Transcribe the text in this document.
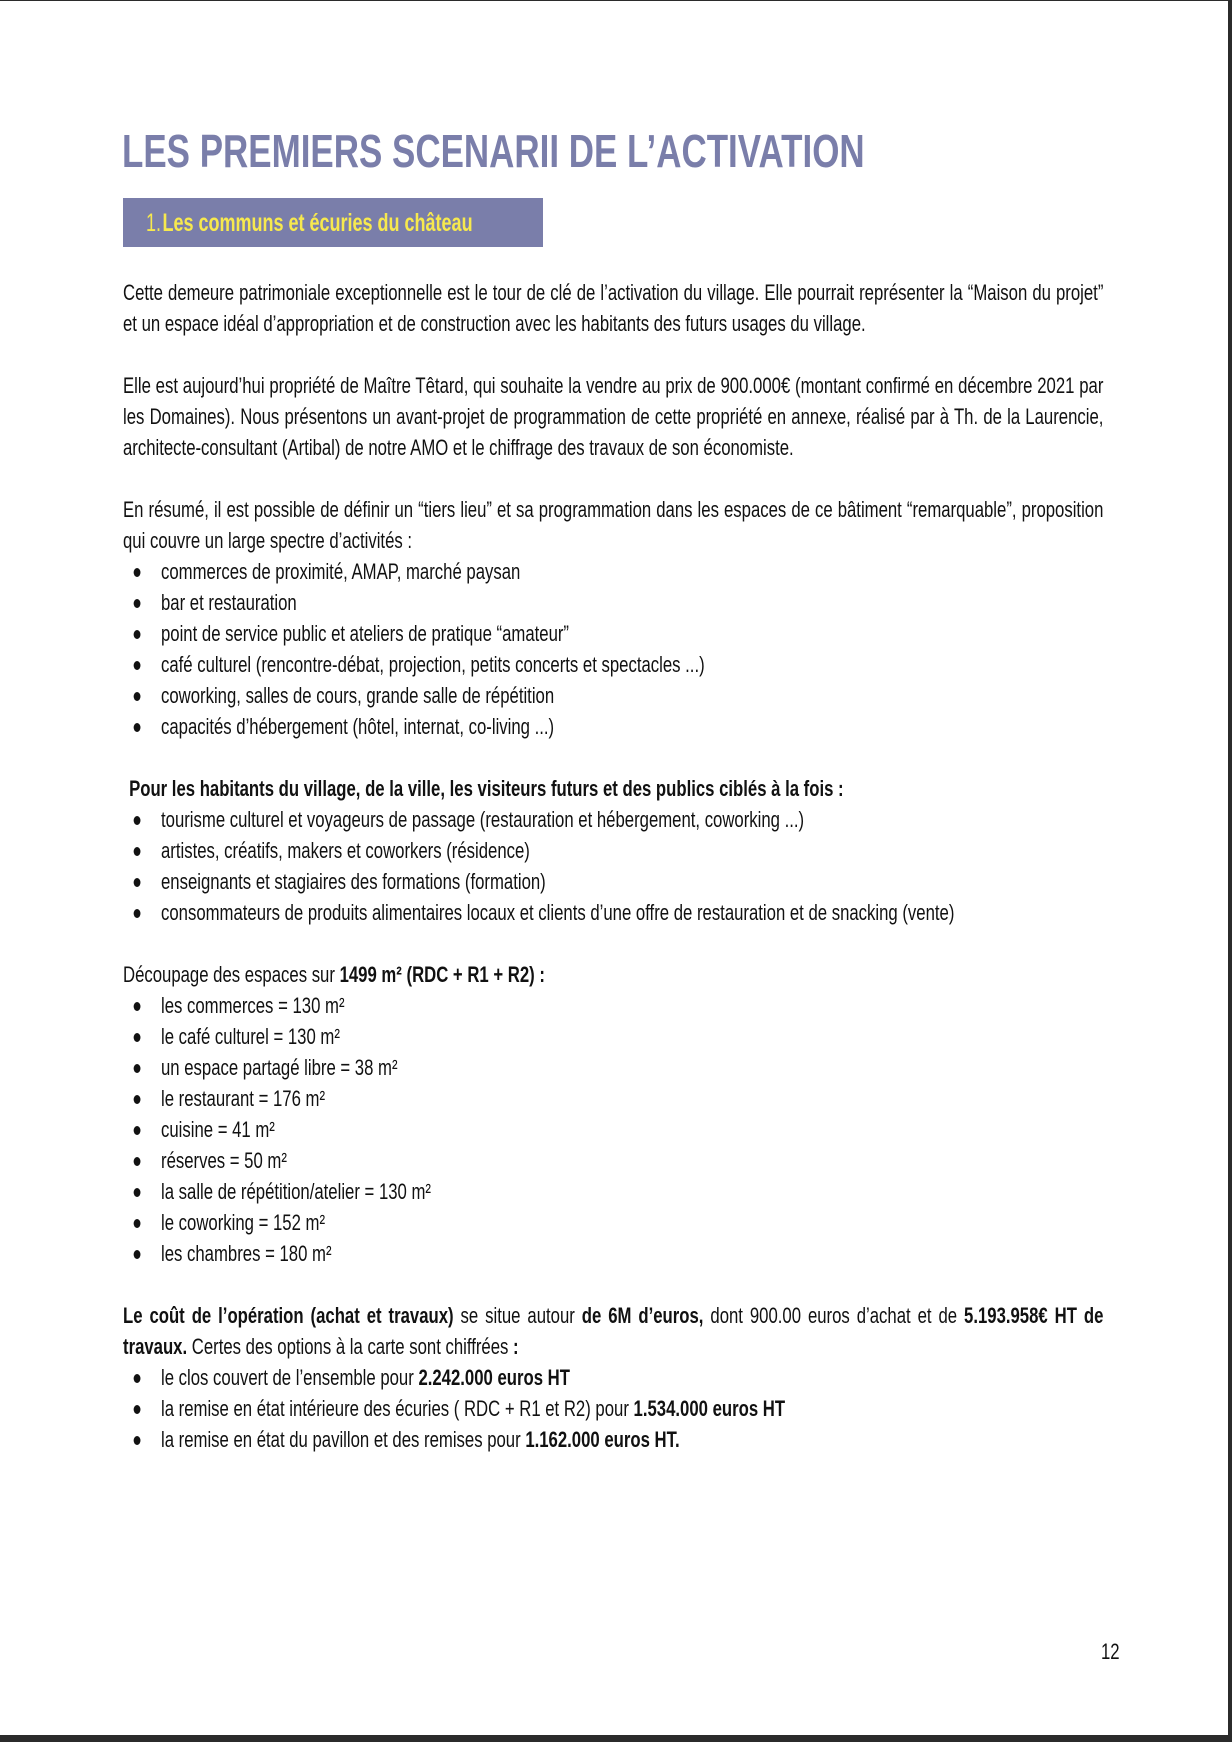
LES PREMIERS SCENARII DE L’ACTIVATION
1.Les communs et écuries du château

Cette demeure patrimoniale exceptionnelle est le tour de clé de l’activation du village. Elle pourrait représenter la “Maison du projet” et un espace idéal d’appropriation et de construction avec les habitants des futurs usages du village.

Elle est aujourd’hui propriété de Maître Têtard, qui souhaite la vendre au prix de 900.000€ (montant confirmé en décembre 2021 par les Domaines). Nous présentons un avant-projet de programmation de cette propriété en annexe, réalisé par à Th. de la Laurencie, architecte-consultant (Artibal) de notre AMO et le chiffrage des travaux de son économiste.

En résumé, il est possible de définir un “tiers lieu” et sa programmation dans les espaces de ce bâtiment “remarquable”, proposition qui couvre un large spectre d’activités :

commerces de proximité, AMAP, marché paysan
bar et restauration
point de service public et ateliers de pratique “amateur”
café culturel (rencontre-débat, projection, petits concerts et spectacles ...)
coworking, salles de cours, grande salle de répétition
capacités d’hébergement (hôtel, internat, co-living ...)

Pour les habitants du village, de la ville, les visiteurs futurs et des publics ciblés à la fois :

tourisme culturel et voyageurs de passage (restauration et hébergement, coworking ...)
artistes, créatifs, makers et coworkers (résidence)
enseignants et stagiaires des formations (formation)
consommateurs de produits alimentaires locaux et clients d’une offre de restauration et de snacking (vente)

Découpage des espaces sur 1499 m² (RDC + R1 + R2) :

les commerces = 130 m²
le café culturel = 130 m²
un espace partagé libre = 38 m²
le restaurant = 176 m²
cuisine = 41 m²
réserves = 50 m²
la salle de répétition/atelier = 130 m²
le coworking = 152 m²
les chambres = 180 m²

Le coût de l’opération (achat et travaux) se situe autour de 6M d’euros, dont 900.00 euros d’achat et de 5.193.958€ HT de travaux. Certes des options à la carte sont chiffrées :

le clos couvert de l’ensemble pour 2.242.000 euros HT
la remise en état intérieure des écuries ( RDC + R1 et R2) pour 1.534.000 euros HT
la remise en état du pavillon et des remises pour 1.162.000 euros HT.
12
